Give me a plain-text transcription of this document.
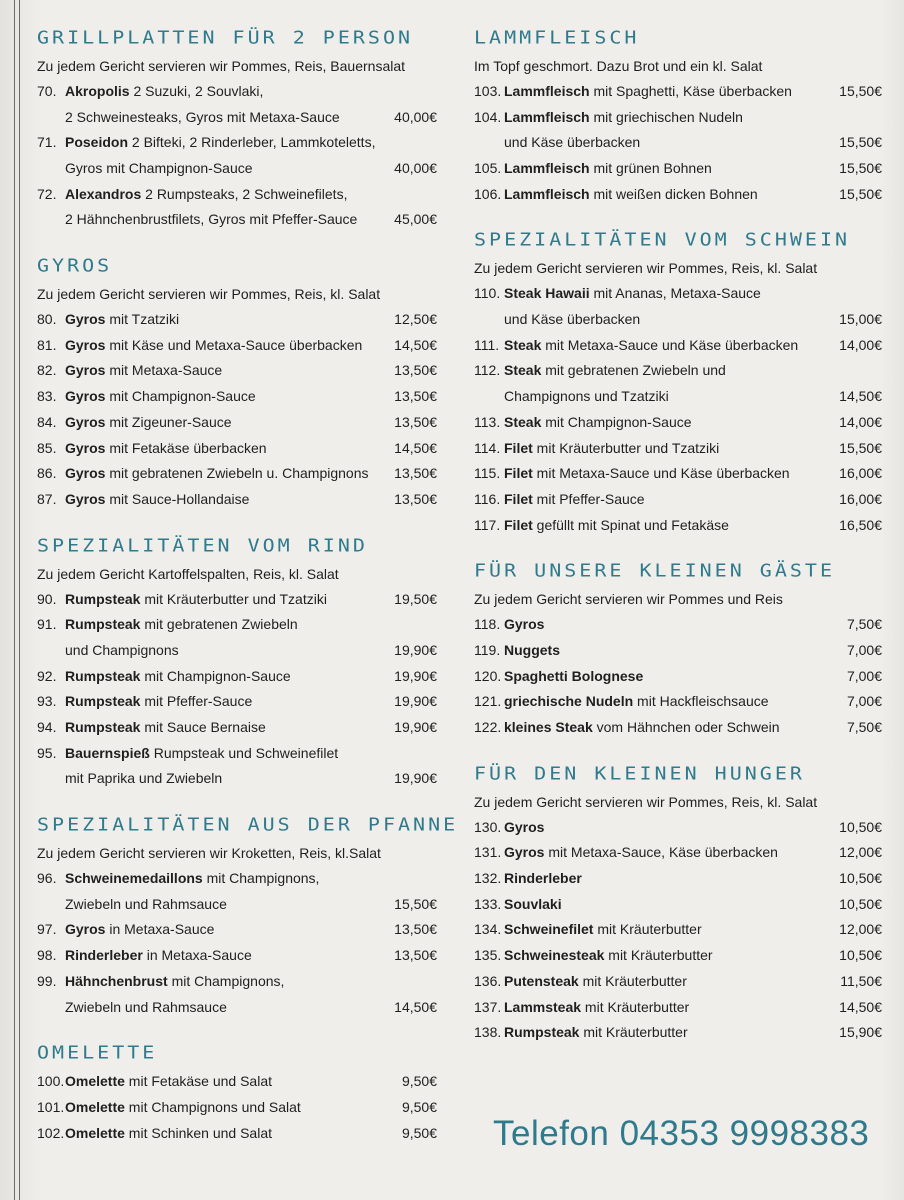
GRILLPLATTEN FÜR 2 PERSON
Zu jedem Gericht servieren wir Pommes, Reis, Bauernsalat
70. Akropolis 2 Suzuki, 2 Souvlaki,
2 Schweinesteaks, Gyros mit Metaxa-Sauce	40,00€
71. Poseidon 2 Bifteki, 2 Rinderleber, Lammkoteletts,
Gyros mit Champignon-Sauce	40,00€
72. Alexandros 2 Rumpsteaks, 2 Schweinefilets,
2 Hähnchenbrustfilets, Gyros mit Pfeffer-Sauce	45,00€
GYROS
Zu jedem Gericht servieren wir Pommes, Reis, kl. Salat
80. Gyros mit Tzatziki	12,50€
81. Gyros mit Käse und Metaxa-Sauce überbacken	14,50€
82. Gyros mit Metaxa-Sauce	13,50€
83. Gyros mit Champignon-Sauce	13,50€
84. Gyros mit Zigeuner-Sauce	13,50€
85. Gyros mit Fetakäse überbacken	14,50€
86. Gyros mit gebratenen Zwiebeln u. Champignons	13,50€
87. Gyros mit Sauce-Hollandaise	13,50€
SPEZIALITÄTEN VOM RIND
Zu jedem Gericht Kartoffelspalten, Reis, kl. Salat
90. Rumpsteak mit Kräuterbutter und Tzatziki	19,50€
91. Rumpsteak mit gebratenen Zwiebeln
und Champignons	19,90€
92. Rumpsteak mit Champignon-Sauce	19,90€
93. Rumpsteak mit Pfeffer-Sauce	19,90€
94. Rumpsteak mit Sauce Bernaise	19,90€
95. Bauernspieß Rumpsteak und Schweinefilet
mit Paprika und Zwiebeln	19,90€
SPEZIALITÄTEN AUS DER PFANNE
Zu jedem Gericht servieren wir Kroketten, Reis, kl.Salat
96. Schweinemedaillons mit Champignons,
Zwiebeln und Rahmsauce	15,50€
97. Gyros in Metaxa-Sauce	13,50€
98. Rinderleber in Metaxa-Sauce	13,50€
99. Hähnchenbrust mit Champignons,
Zwiebeln und Rahmsauce	14,50€
OMELETTE
100. Omelette mit Fetakäse und Salat	9,50€
101. Omelette mit Champignons und Salat	9,50€
102. Omelette mit Schinken und Salat	9,50€
LAMMFLEISCH
Im Topf geschmort. Dazu Brot und ein kl. Salat
103. Lammfleisch mit Spaghetti, Käse überbacken	15,50€
104. Lammfleisch mit griechischen Nudeln
und Käse überbacken	15,50€
105. Lammfleisch mit grünen Bohnen	15,50€
106. Lammfleisch mit weißen dicken Bohnen	15,50€
SPEZIALITÄTEN VOM SCHWEIN
Zu jedem Gericht servieren wir Pommes, Reis, kl. Salat
110. Steak Hawaii mit Ananas, Metaxa-Sauce
und Käse überbacken	15,00€
111. Steak mit Metaxa-Sauce und Käse überbacken	14,00€
112. Steak mit gebratenen Zwiebeln und
Champignons und Tzatziki	14,50€
113. Steak mit Champignon-Sauce	14,00€
114. Filet mit Kräuterbutter und Tzatziki	15,50€
115. Filet mit Metaxa-Sauce und Käse überbacken	16,00€
116. Filet mit Pfeffer-Sauce	16,00€
117. Filet gefüllt mit Spinat und Fetakäse	16,50€
FÜR UNSERE KLEINEN GÄSTE
Zu jedem Gericht servieren wir Pommes und Reis
118. Gyros	7,50€
119. Nuggets	7,00€
120. Spaghetti Bolognese	7,00€
121. griechische Nudeln mit Hackfleischsauce	7,00€
122. kleines Steak vom Hähnchen oder Schwein	7,50€
FÜR DEN KLEINEN HUNGER
Zu jedem Gericht servieren wir Pommes, Reis, kl. Salat
130. Gyros	10,50€
131. Gyros mit Metaxa-Sauce, Käse überbacken	12,00€
132. Rinderleber	10,50€
133. Souvlaki	10,50€
134. Schweinefilet mit Kräuterbutter	12,00€
135. Schweinesteak mit Kräuterbutter	10,50€
136. Putensteak mit Kräuterbutter	11,50€
137. Lammsteak mit Kräuterbutter	14,50€
138. Rumpsteak mit Kräuterbutter	15,90€
Telefon 04353 9998383
